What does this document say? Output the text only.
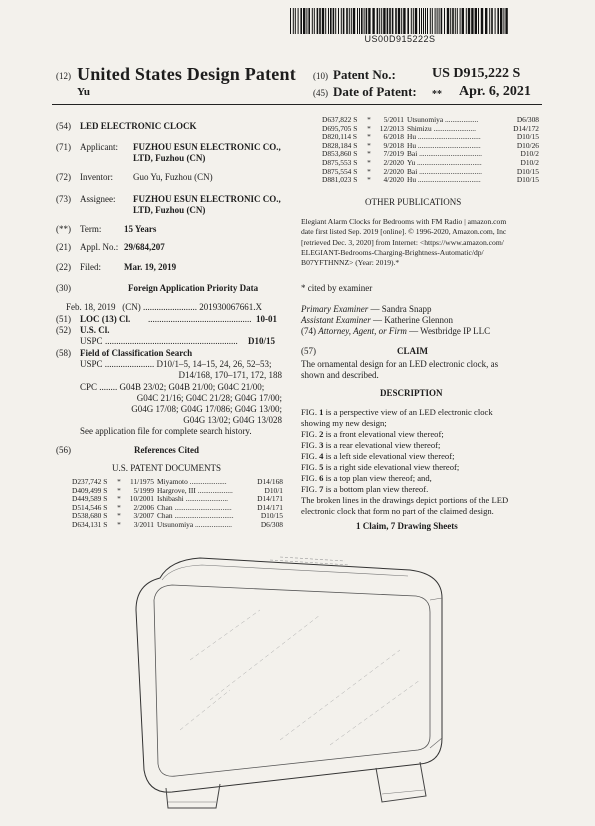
US00D915222S
(12) United States Design Patent
Yu
(10) Patent No.:	US D915,222 S
(45) Date of Patent: ** Apr. 6, 2021
(54) LED ELECTRONIC CLOCK
(71) Applicant: FUZHOU ESUN ELECTRONIC CO.,
LTD, Fuzhou (CN)
(72) Inventor: Guo Yu, Fuzhou (CN)
(73) Assignee: FUZHOU ESUN ELECTRONIC CO.,
LTD, Fuzhou (CN)
(**) Term:	15 Years
(21) Appl. No.: 29/684,207
(22) Filed:	Mar. 19, 2019
(30)	Foreign Application Priority Data
Feb. 18, 2019   (CN) ........................ 201930067661.X
(51) LOC (13) Cl. .............................................. 10-01
(52) U.S. Cl.
USPC ........................................................... D10/15
(58) Field of Classification Search
USPC ...................... D10/1–5, 14–15, 24, 26, 52–53;
D14/168, 170–171, 172, 188
CPC ........ G04B 23/02; G04B 21/00; G04C 21/00;
G04C 21/16; G04C 21/28; G04G 17/00;
G04G 17/08; G04G 17/086; G04G 13/00;
G04G 13/02; G04G 13/028
See application file for complete search history.
(56)	References Cited
U.S. PATENT DOCUMENTS
D237,742 S	*	11/1975 Miyamoto ....................	D14/168
D409,499 S	*	5/1999 Hargrove, III ...................	D10/1
D449,589 S	*	10/2001 Ishibashi .......................	D14/171
D514,546 S	*	2/2006 Chan ...............................	D14/171
D538,680 S	*	3/2007 Chan ................................	D10/15
D634,131 S	*	3/2011 Utsunomiya ....................	D6/308
D637,822 S	*	5/2011 Utsunomiya ..................	D6/308
D695,705 S	*	12/2013 Shimizu .......................	D14/172
D820,114 S	*	6/2018 Hu ..................................	D10/15
D828,184 S	*	9/2018 Hu ..................................	D10/26
D853,860 S	*	7/2019 Bai ..................................	D10/2
D875,553 S	*	2/2020 Yu ...................................	D10/2
D875,554 S	*	2/2020 Bai ..................................	D10/15
D881,023 S	*	4/2020 Hu ..................................	D10/15
OTHER PUBLICATIONS
Elegiant Alarm Clocks for Bedrooms with FM Radio | amazon.com
date first listed Sep. 2019 [online]. © 1996-2020, Amazon.com, Inc
[retrieved Dec. 3, 2020] from Internet: <https://www.amazon.com/
ELEGIANT-Bedrooms-Charging-Brightness-Automatic/dp/
B07YFTHNNZ> (Year: 2019).*
* cited by examiner
Primary Examiner — Sandra Snapp
Assistant Examiner — Katherine Glennon
(74) Attorney, Agent, or Firm — Westbridge IP LLC
(57)	CLAIM
The ornamental design for an LED electronic clock, as
shown and described.
DESCRIPTION
FIG. 1 is a perspective view of an LED electronic clock
showing my new design;
FIG. 2 is a front elevational view thereof;
FIG. 3 is a rear elevational view thereof;
FIG. 4 is a left side elevational view thereof;
FIG. 5 is a right side elevational view thereof;
FIG. 6 is a top plan view thereof; and,
FIG. 7 is a bottom plan view thereof.
The broken lines in the drawings depict portions of the LED
electronic clock that form no part of the claimed design.
1 Claim, 7 Drawing Sheets
